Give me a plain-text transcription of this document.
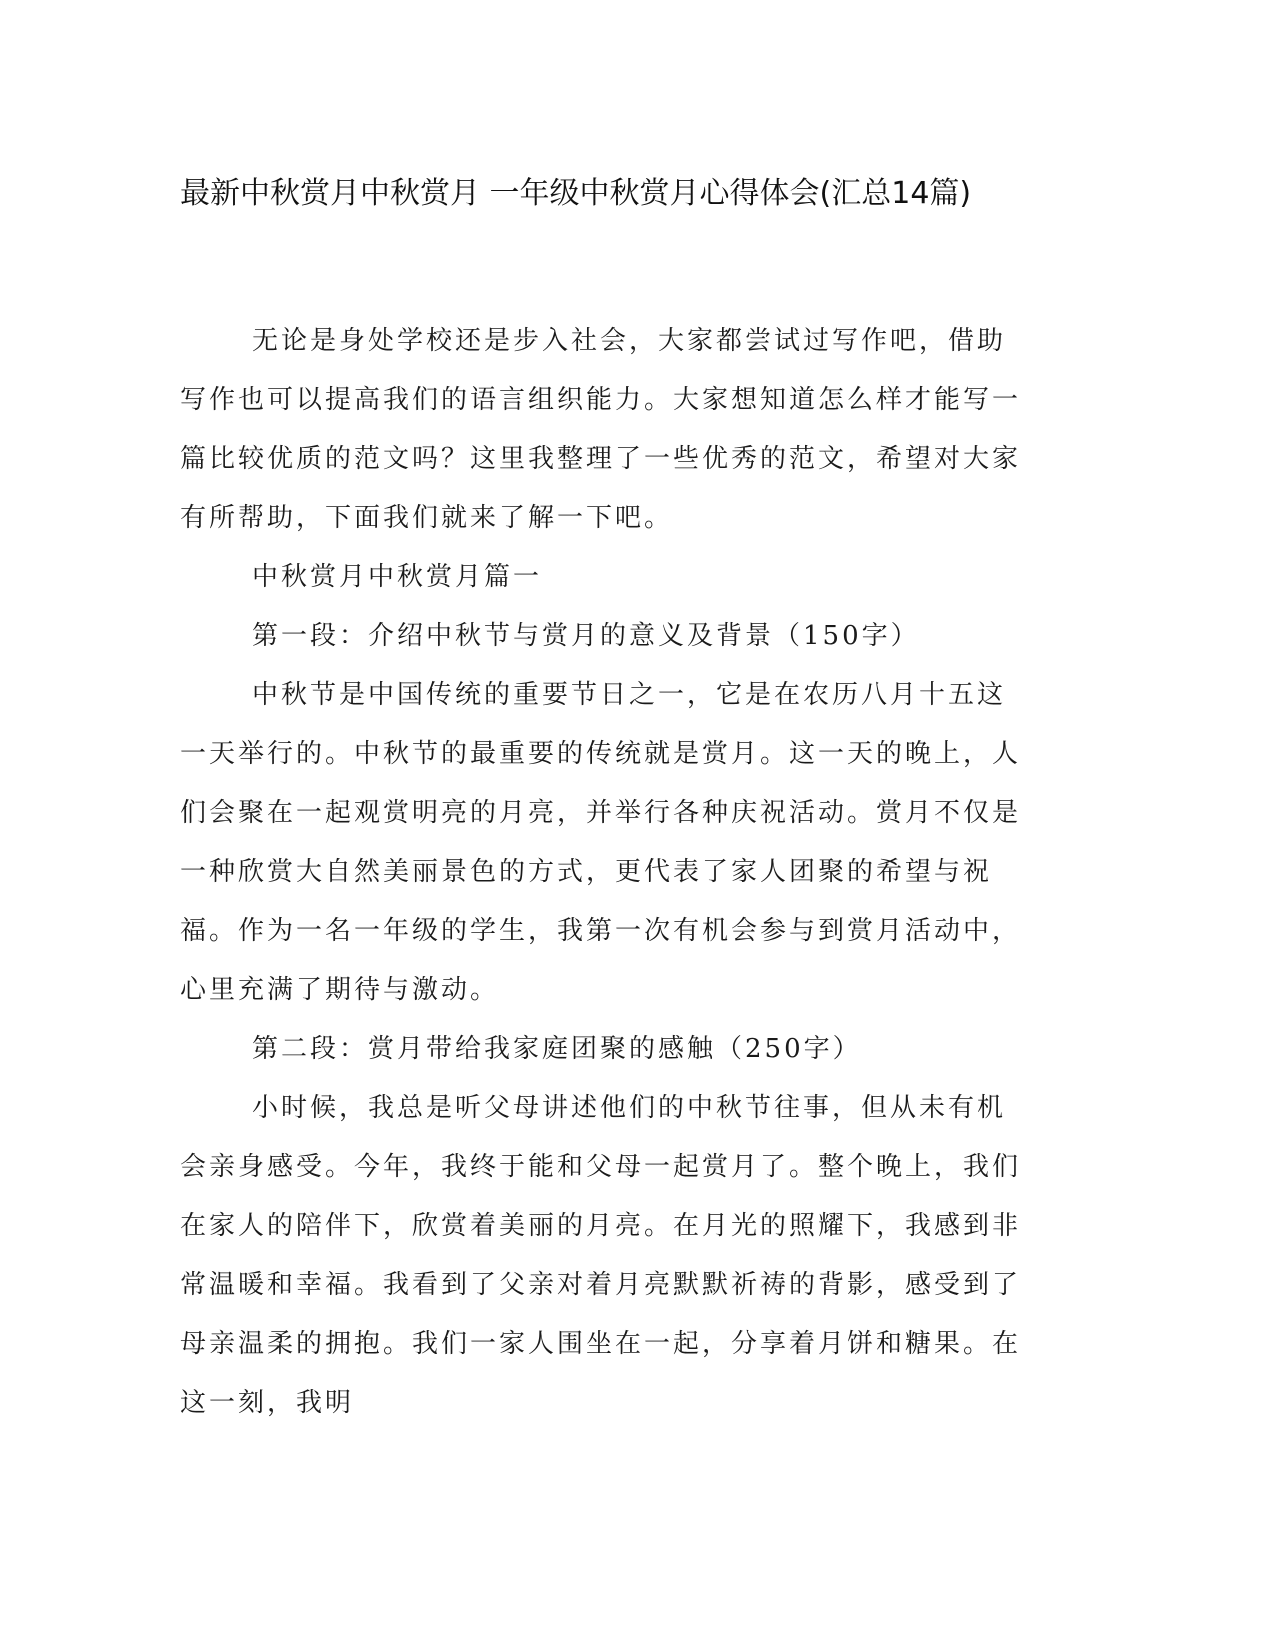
最新中秋赏月中秋赏月 一年级中秋赏月心得体会(汇总14篇)

无论是身处学校还是步入社会，大家都尝试过写作吧，借助写作也可以提高我们的语言组织能力。大家想知道怎么样才能写一篇比较优质的范文吗？这里我整理了一些优秀的范文，希望对大家有所帮助，下面我们就来了解一下吧。

中秋赏月中秋赏月篇一

第一段：介绍中秋节与赏月的意义及背景（150字）

中秋节是中国传统的重要节日之一，它是在农历八月十五这一天举行的。中秋节的最重要的传统就是赏月。这一天的晚上，人们会聚在一起观赏明亮的月亮，并举行各种庆祝活动。赏月不仅是一种欣赏大自然美丽景色的方式，更代表了家人团聚的希望与祝福。作为一名一年级的学生，我第一次有机会参与到赏月活动中，心里充满了期待与激动。

第二段：赏月带给我家庭团聚的感触（250字）

小时候，我总是听父母讲述他们的中秋节往事，但从未有机会亲身感受。今年，我终于能和父母一起赏月了。整个晚上，我们在家人的陪伴下，欣赏着美丽的月亮。在月光的照耀下，我感到非常温暖和幸福。我看到了父亲对着月亮默默祈祷的背影，感受到了母亲温柔的拥抱。我们一家人围坐在一起，分享着月饼和糖果。在这一刻，我明
